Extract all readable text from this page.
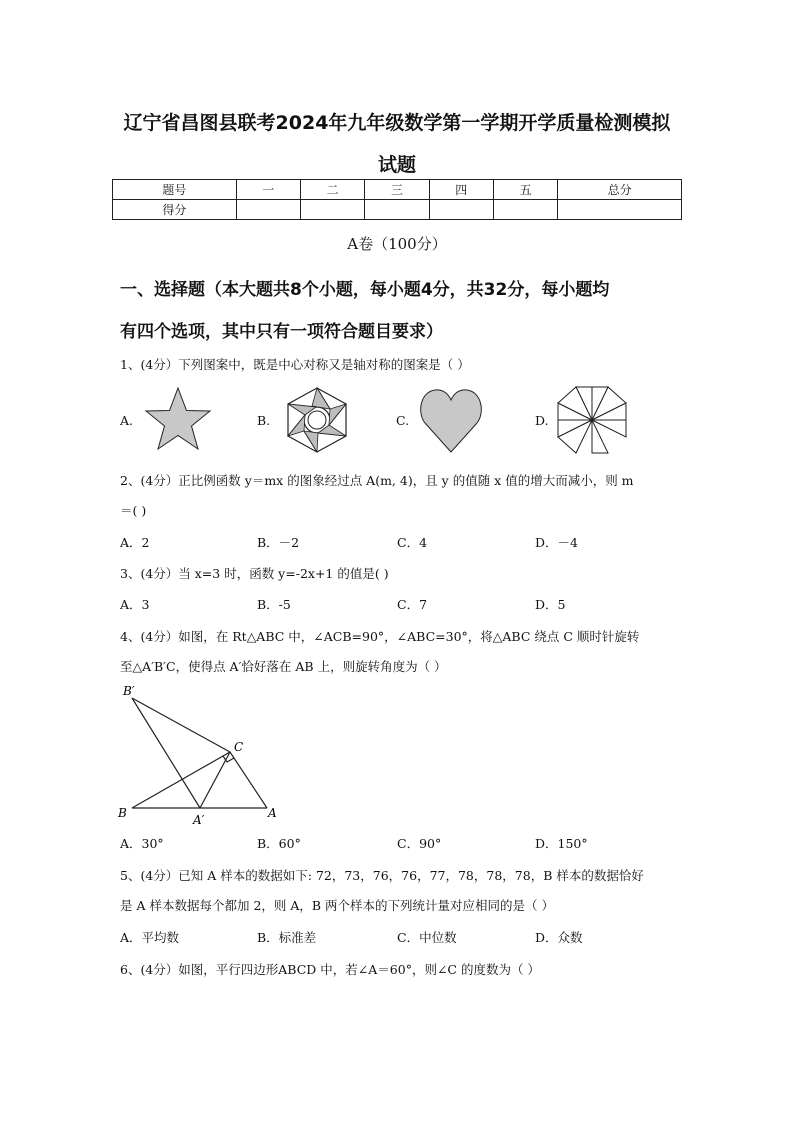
辽宁省昌图县联考2024年九年级数学第一学期开学质量检测模拟
试题
题号	一	二	三	四	五	总分
得分						
A卷（100分）
一、选择题（本大题共8个小题，每小题4分，共32分，每小题均
有四个选项，其中只有一项符合题目要求）
1、(4分）下列图案中，既是中心对称又是轴对称的图案是（ ）
A.	B.	C.	D.
2、(4分）正比例函数 y＝mx 的图象经过点 A(m, 4)，且 y 的值随 x 值的增大而减小，则 m
＝( )
A．2	B．－2	C．4	D．－4
3、(4分）当 x=3 时，函数 y=-2x+1 的值是( )
A．3	B．-5	C．7	D．5
4、(4分）如图，在 Rt△ABC 中，∠ACB=90°，∠ABC=30°，将△ABC 绕点 C 顺时针旋转
至△A′B′C，使得点 A′恰好落在 AB 上，则旋转角度为（ ）
B′
C
B	A′	A
A．30°	B．60°	C．90°	D．150°
5、(4分）已知 A 样本的数据如下: 72，73，76，76，77，78，78，78，B 样本的数据恰好
是 A 样本数据每个都加 2，则 A，B 两个样本的下列统计量对应相同的是（ ）
A．平均数	B．标准差	C．中位数	D．众数
6、(4分）如图，平行四边形ABCD 中，若∠A＝60°，则∠C 的度数为（ ）
